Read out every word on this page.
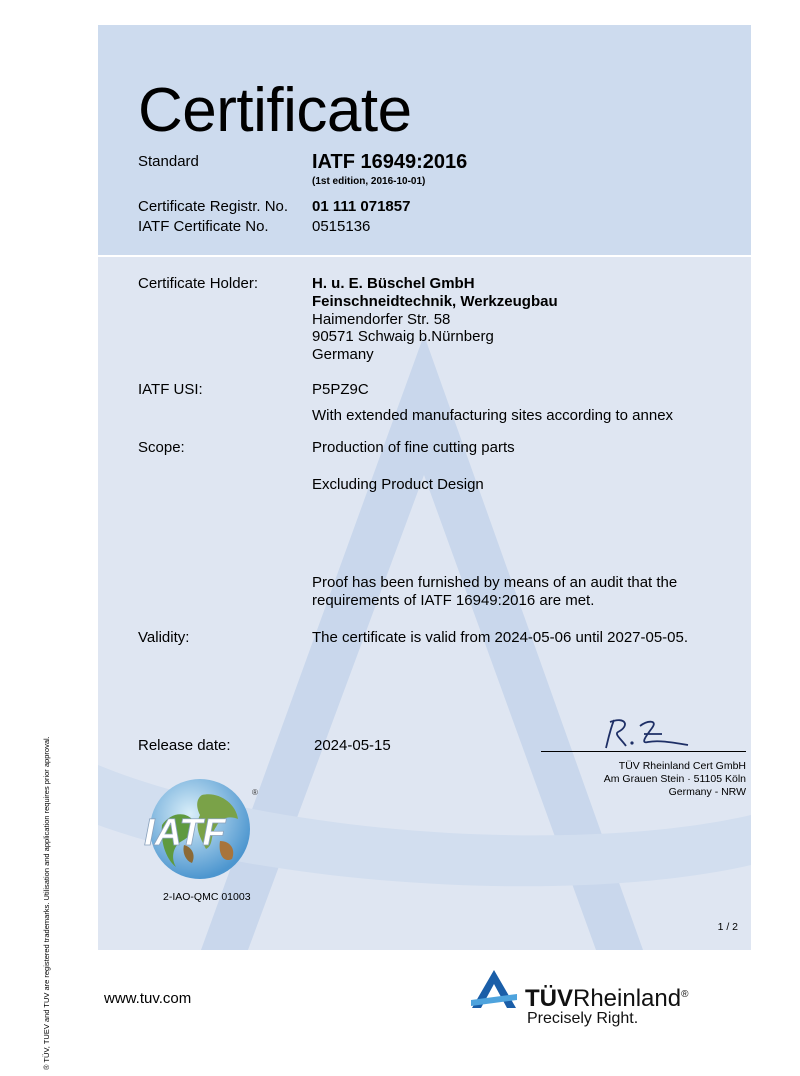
Certificate
Standard	IATF 16949:2016
(1st edition, 2016-10-01)
Certificate Registr. No. 01 111 071857
IATF Certificate No.	0515136
Certificate Holder:	H. u. E. Büschel GmbH
Feinschneidtechnik, Werkzeugbau
Haimendorfer Str. 58
90571 Schwaig b.Nürnberg
Germany
IATF USI:	P5PZ9C
With extended manufacturing sites according to annex
Scope:	Production of fine cutting parts
Excluding Product Design
Proof has been furnished by means of an audit that the
requirements of IATF 16949:2016 are met.
Validity:	The certificate is valid from 2024-05-06 until 2027-05-05.
Release date:	2024-05-15
TÜV Rheinland Cert GmbH
Am Grauen Stein · 51105 Köln
Germany - NRW
IATF
®
2-IAO-QMC 01003
1 / 2
® TÜV, TUEV and TUV are registered trademarks. Utilisation and application requires prior approval.	www.tuv.com	TÜVRheinland®
Precisely Right.
